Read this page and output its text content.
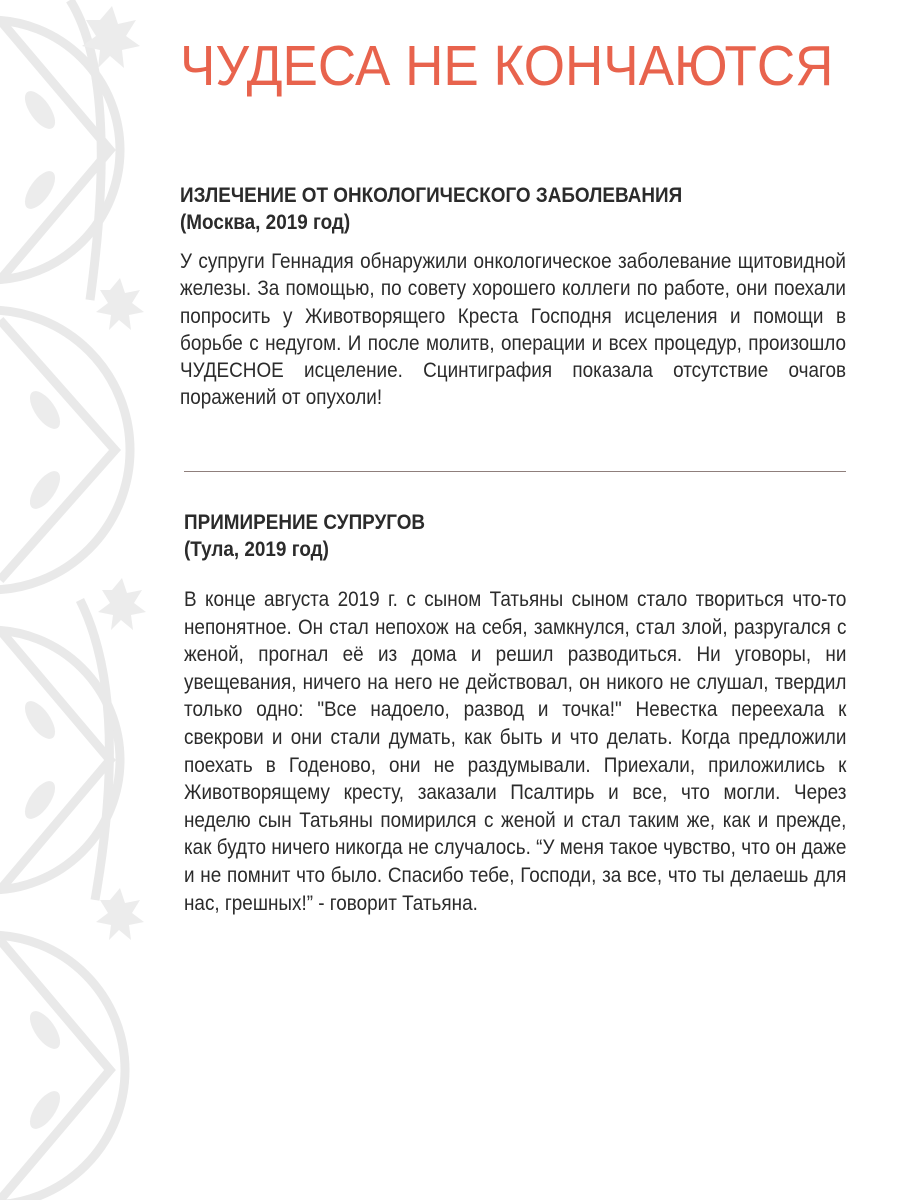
ЧУДЕСА НЕ КОНЧАЮТСЯ
ИЗЛЕЧЕНИЕ ОТ ОНКОЛОГИЧЕСКОГО ЗАБОЛЕВАНИЯ
(Москва, 2019 год)
У супруги Геннадия обнаружили онкологическое заболевание щитовидной железы. За помощью, по совету хорошего коллеги по работе, они поехали попросить у Животворящего Креста Господня исцеления и помощи в борьбе с недугом. И после молитв, операции и всех процедур, произошло ЧУДЕСНОЕ исцеление. Сцинтиграфия показала отсутствие очагов поражений от опухоли!
ПРИМИРЕНИЕ СУПРУГОВ
(Тула, 2019 год)
В конце августа 2019 г. с сыном Татьяны сыном стало твориться что-то непонятное. Он стал непохож на себя, замкнулся, стал злой, разругался с женой, прогнал её из дома и решил разводиться. Ни уговоры, ни увещевания, ничего на него не действовал, он никого не слушал, твердил только одно: "Все надоело, развод и точка!" Невестка переехала к свекрови и они стали думать, как быть и что делать. Когда предложили поехать в Годеново, они не раздумывали. Приехали, приложились к Животворящему кресту, заказали Псалтирь и все, что могли. Через неделю сын Татьяны помирился с женой и стал таким же, как и прежде, как будто ничего никогда не случалось. “У меня такое чувство, что он даже и не помнит что было. Спасибо тебе, Господи, за все, что ты делаешь для нас, грешных!” - говорит Татьяна.
